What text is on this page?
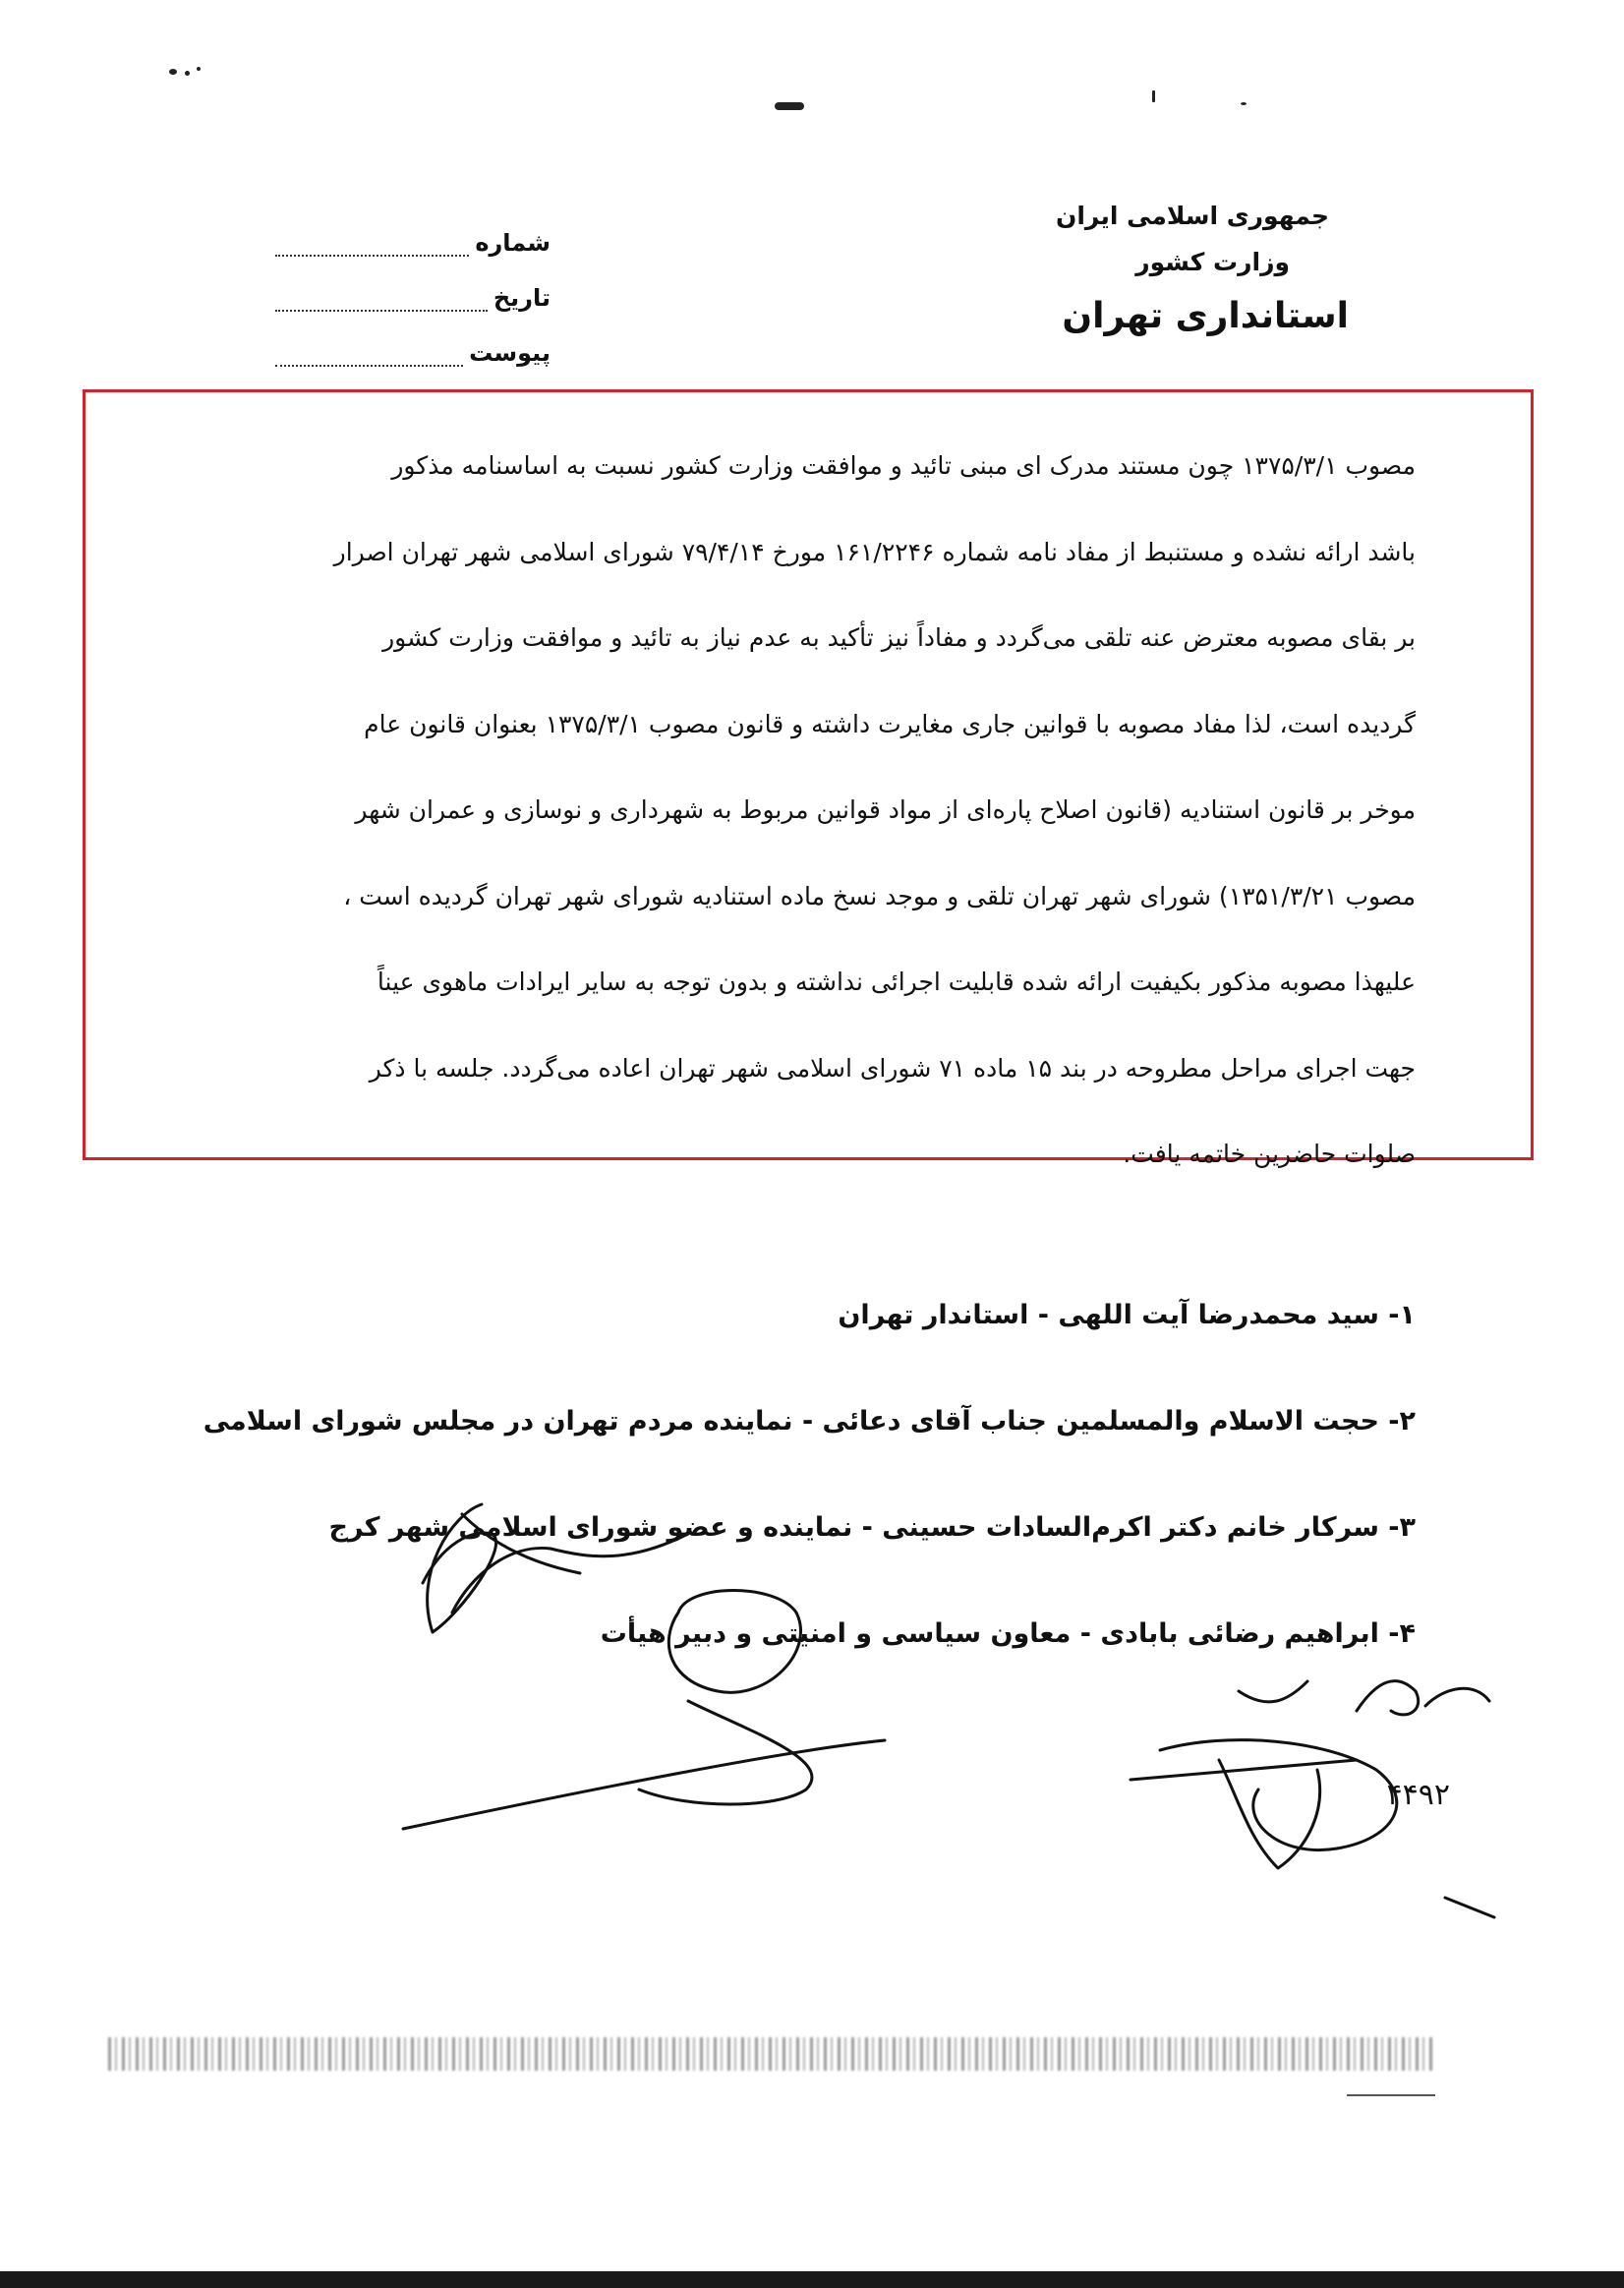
جمهوری اسلامی ایران
وزارت کشور
استانداری تهران
شماره
تاریخ
پیوست
مصوب ۱۳۷۵/۳/۱ چون مستند مدرک ای مبنی تائید و موافقت وزارت کشور نسبت به اساسنامه مذکور
باشد ارائه نشده و مستنبط از مفاد نامه شماره ۱۶۱/۲۲۴۶ مورخ ۷۹/۴/۱۴ شورای اسلامی شهر تهران اصرار
بر بقای مصوبه معترض عنه تلقی می‌گردد و مفاداً نیز تأکید به عدم نیاز به تائید و موافقت وزارت کشور
گردیده است، لذا مفاد مصوبه با قوانین جاری مغایرت داشته و قانون مصوب ۱۳۷۵/۳/۱ بعنوان قانون عام
موخر بر قانون استنادیه (قانون اصلاح پاره‌ای از مواد قوانین مربوط به شهرداری و نوسازی و عمران شهر
مصوب ۱۳۵۱/۳/۲۱) شورای شهر تهران تلقی و موجد نسخ ماده استنادیه شورای شهر تهران گردیده است ،
علیهذا مصوبه مذکور بکیفیت ارائه شده قابلیت اجرائی نداشته و بدون توجه به سایر ایرادات ماهوی عیناً
جهت اجرای مراحل مطروحه در بند ۱۵ ماده ۷۱ شورای اسلامی شهر تهران اعاده می‌گردد. جلسه با ذکر
صلوات حاضرین خاتمه یافت.
۱- سید محمدرضا آیت اللهی - استاندار تهران
۲- حجت الاسلام والمسلمین جناب آقای دعائی - نماینده مردم تهران در مجلس شورای اسلامی
۳- سرکار خانم دکتر اکرم‌السادات حسینی - نماینده و عضو شورای اسلامی شهر کرج
۴- ابراهیم رضائی بابادی - معاون سیاسی و امنیتی و دبیر هیأت
۴۴۹۲
